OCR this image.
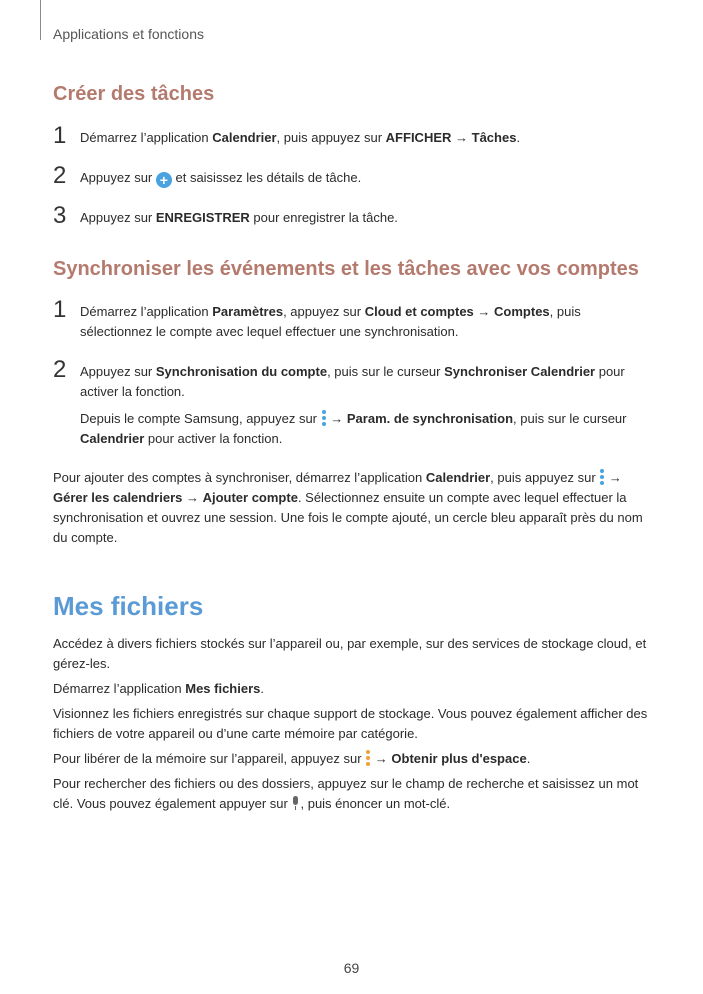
Applications et fonctions
Créer des tâches
1 Démarrez l’application Calendrier, puis appuyez sur AFFICHER → Tâches.

2 Appuyez sur + et saisissez les détails de tâche.

3 Appuyez sur ENREGISTRER pour enregistrer la tâche.

Synchroniser les événements et les tâches avec vos comptes
1 Démarrez l’application Paramètres, appuyez sur Cloud et comptes → Comptes, puis sélectionnez le compte avec lequel effectuer une synchronisation.

2 Appuyez sur Synchronisation du compte, puis sur le curseur Synchroniser Calendrier pour activer la fonction.

Depuis le compte Samsung, appuyez sur
→ Param. de synchronisation, puis sur le curseur Calendrier pour activer la fonction.

Pour ajouter des comptes à synchroniser, démarrez l’application Calendrier, puis appuyez sur
→ Gérer les calendriers → Ajouter compte. Sélectionnez ensuite un compte avec lequel effectuer la synchronisation et ouvrez une session. Une fois le compte ajouté, un cercle bleu apparaît près du nom du compte.

Mes fichiers

Accédez à divers fichiers stockés sur l’appareil ou, par exemple, sur des services de stockage cloud, et gérez-les.

Démarrez l’application Mes fichiers.

Visionnez les fichiers enregistrés sur chaque support de stockage. Vous pouvez également afficher des fichiers de votre appareil ou d’une carte mémoire par catégorie.

Pour libérer de la mémoire sur l’appareil, appuyez sur
→ Obtenir plus d'espace.

Pour rechercher des fichiers ou des dossiers, appuyez sur le champ de recherche et saisissez un mot clé. Vous pouvez également appuyer sur , puis énoncer un mot-clé.

69
